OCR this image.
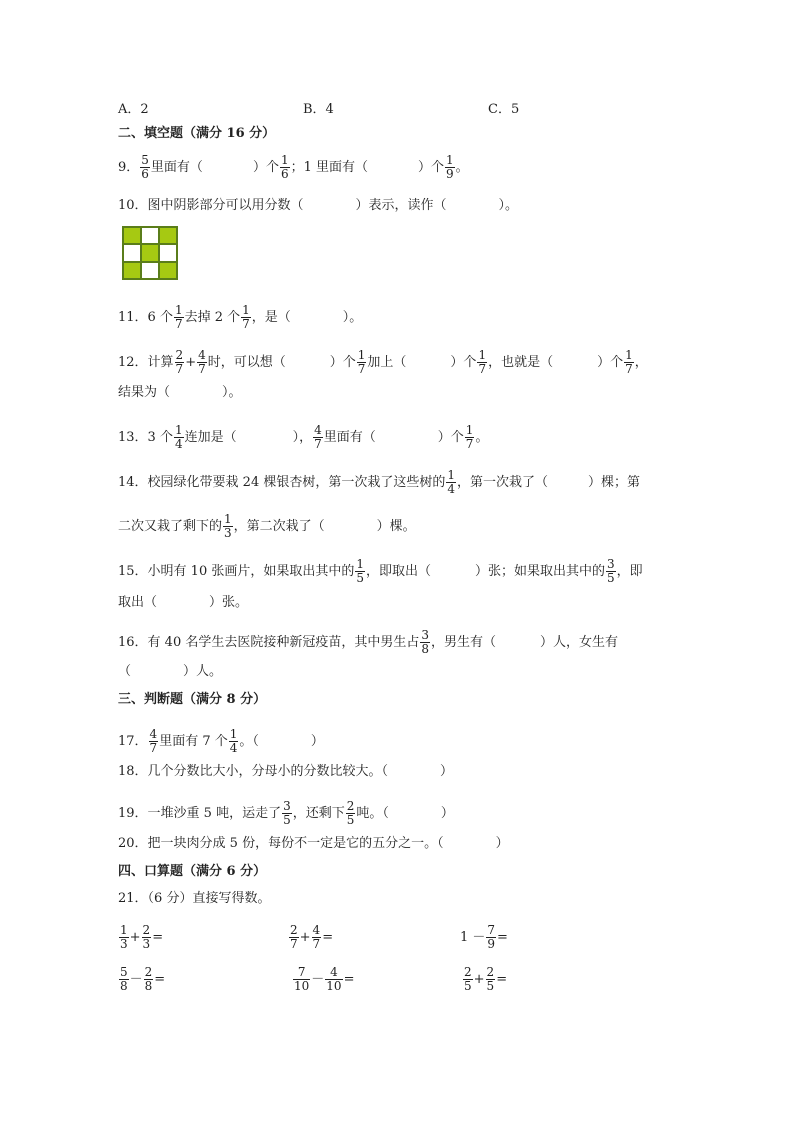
A．2	B．4	C．5
二、填空题（满分 16 分）
9． $\frac{5}{6}$ 里面有（	）个 $\frac{1}{6}$ ；1 里面有（	）个 $\frac{1}{9}$ 。
10．图中阴影部分可以用分数（　　　　）表示，读作（　　　　）。
11．6 个 $\frac{1}{7}$ 去掉 2 个 $\frac{1}{7}$ ，是（　　　　）。
12．计算 $\frac{2}{7} + \frac{4}{7}$ 时，可以想（	）个 $\frac{1}{7}$ 加上（	）个 $\frac{1}{7}$ ，也就是（	）个 $\frac{1}{7}$ ，
结果为（　　　　）。
13．3 个 $\frac{1}{4}$ 连加是（	）， $\frac{4}{7}$ 里面有（	）个 $\frac{1}{7}$ 。
14．校园绿化带要栽 24 棵银杏树，第一次栽了这些树的 $\frac{1}{4}$ ，第一次栽了（	）棵；第
二次又栽了剩下的 $\frac{1}{3}$ ，第二次栽了（　　　　）棵。
15．小明有 10 张画片，如果取出其中的 $\frac{1}{5}$ ，即取出（	）张；如果取出其中的 $\frac{3}{5}$ ，即
取出（　　　　）张。
16．有 40 名学生去医院接种新冠疫苗，其中男生占 $\frac{3}{8}$ ，男生有（	）人，女生有
（　　　　）人。
三、判断题（满分 8 分）
17． $\frac{4}{7}$ 里面有 7 个 $\frac{1}{4}$ 。（　　　　）
18．几个分数比大小，分母小的分数比较大。（　　　　）
19．一堆沙重 5 吨，运走了 $\frac{3}{5}$ ，还剩下 $\frac{2}{5}$ 吨。（　　　　）
20．把一块肉分成 5 份，每份不一定是它的五分之一。（　　　　）
四、口算题（满分 6 分）
21．（6 分）直接写得数。
$\frac{1}{3} + \frac{2}{3}$ =	$\frac{2}{7} + \frac{4}{7}$ =	$1 - \frac{7}{9}$ =
$\frac{5}{8} - \frac{2}{8}$ =	$\frac{7}{10} - \frac{4}{10}$ =	$\frac{2}{5} + \frac{2}{5}$ =
